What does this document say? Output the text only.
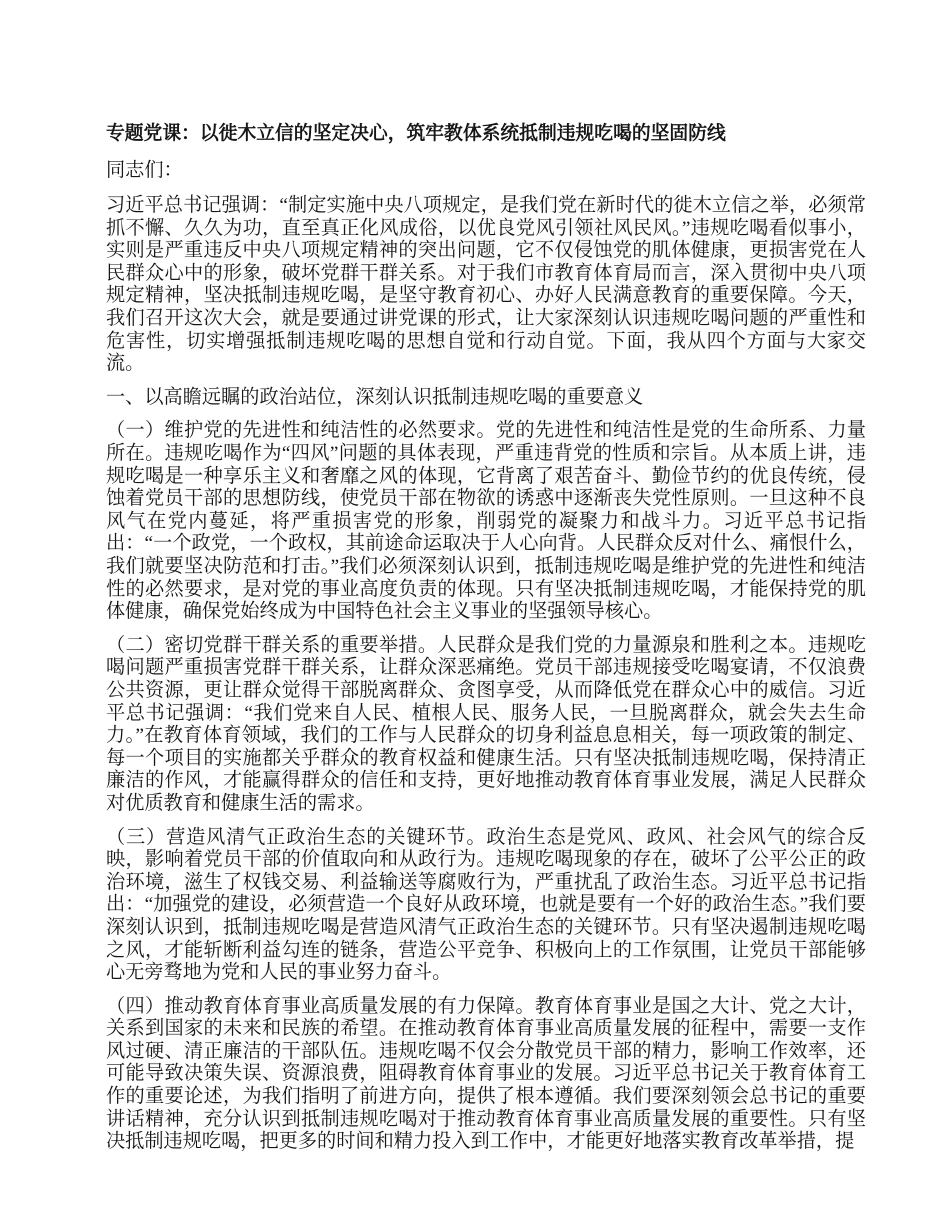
专题党课：以徙木立信的坚定决心，筑牢教体系统抵制违规吃喝的坚固防线

同志们：

习近平总书记强调：“制定实施中央八项规定，是我们党在新时代的徙木立信之举，必须常抓不懈、久久为功，直至真正化风成俗，以优良党风引领社风民风。”违规吃喝看似事小，实则是严重违反中央八项规定精神的突出问题，它不仅侵蚀党的肌体健康，更损害党在人民群众心中的形象，破坏党群干群关系。对于我们市教育体育局而言，深入贯彻中央八项规定精神，坚决抵制违规吃喝，是坚守教育初心、办好人民满意教育的重要保障。今天，我们召开这次大会，就是要通过讲党课的形式，让大家深刻认识违规吃喝问题的严重性和危害性，切实增强抵制违规吃喝的思想自觉和行动自觉。下面，我从四个方面与大家交流。

一、以高瞻远瞩的政治站位，深刻认识抵制违规吃喝的重要意义

（一）维护党的先进性和纯洁性的必然要求。党的先进性和纯洁性是党的生命所系、力量所在。违规吃喝作为“四风”问题的具体表现，严重违背党的性质和宗旨。从本质上讲，违规吃喝是一种享乐主义和奢靡之风的体现，它背离了艰苦奋斗、勤俭节约的优良传统，侵蚀着党员干部的思想防线，使党员干部在物欲的诱惑中逐渐丧失党性原则。一旦这种不良风气在党内蔓延，将严重损害党的形象，削弱党的凝聚力和战斗力。习近平总书记指出：“一个政党，一个政权，其前途命运取决于人心向背。人民群众反对什么、痛恨什么，我们就要坚决防范和打击。”我们必须深刻认识到，抵制违规吃喝是维护党的先进性和纯洁性的必然要求，是对党的事业高度负责的体现。只有坚决抵制违规吃喝，才能保持党的肌体健康，确保党始终成为中国特色社会主义事业的坚强领导核心。

（二）密切党群干群关系的重要举措。人民群众是我们党的力量源泉和胜利之本。违规吃喝问题严重损害党群干群关系，让群众深恶痛绝。党员干部违规接受吃喝宴请，不仅浪费公共资源，更让群众觉得干部脱离群众、贪图享受，从而降低党在群众心中的威信。习近平总书记强调：“我们党来自人民、植根人民、服务人民，一旦脱离群众，就会失去生命力。”在教育体育领域，我们的工作与人民群众的切身利益息息相关，每一项政策的制定、每一个项目的实施都关乎群众的教育权益和健康生活。只有坚决抵制违规吃喝，保持清正廉洁的作风，才能赢得群众的信任和支持，更好地推动教育体育事业发展，满足人民群众对优质教育和健康生活的需求。

（三）营造风清气正政治生态的关键环节。政治生态是党风、政风、社会风气的综合反映，影响着党员干部的价值取向和从政行为。违规吃喝现象的存在，破坏了公平公正的政治环境，滋生了权钱交易、利益输送等腐败行为，严重扰乱了政治生态。习近平总书记指出：“加强党的建设，必须营造一个良好从政环境，也就是要有一个好的政治生态。”我们要深刻认识到，抵制违规吃喝是营造风清气正政治生态的关键环节。只有坚决遏制违规吃喝之风，才能斩断利益勾连的链条，营造公平竞争、积极向上的工作氛围，让党员干部能够心无旁骛地为党和人民的事业努力奋斗。

（四）推动教育体育事业高质量发展的有力保障。教育体育事业是国之大计、党之大计，关系到国家的未来和民族的希望。在推动教育体育事业高质量发展的征程中，需要一支作风过硬、清正廉洁的干部队伍。违规吃喝不仅会分散党员干部的精力，影响工作效率，还可能导致决策失误、资源浪费，阻碍教育体育事业的发展。习近平总书记关于教育体育工作的重要论述，为我们指明了前进方向，提供了根本遵循。我们要深刻领会总书记的重要讲话精神，充分认识到抵制违规吃喝对于推动教育体育事业高质量发展的重要性。只有坚决抵制违规吃喝，把更多的时间和精力投入到工作中，才能更好地落实教育改革举措，提
